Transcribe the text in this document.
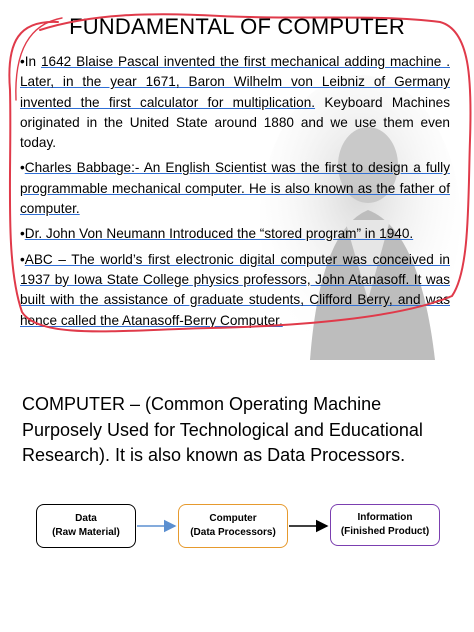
FUNDAMENTAL OF COMPUTER

•In 1642 Blaise Pascal invented the first mechanical adding machine . Later, in the year 1671, Baron Wilhelm von Leibniz of Germany invented the first calculator for multiplication. Keyboard Machines originated in the United State around 1880 and we use them even today.

•Charles Babbage:- An English Scientist was the first to design a fully programmable mechanical computer. He is also known as the father of computer.

•Dr. John Von Neumann Introduced the “stored program” in 1940.

•ABC – The world’s first electronic digital computer was conceived in 1937 by Iowa State College physics professors, John Atanasoff. It was built with the assistance of graduate students, Clifford Berry, and was hence called the Atanasoff-Berry Computer.

COMPUTER – (Common Operating Machine Purposely Used for Technological and Educational Research). It is also known as Data Processors.
Data
(Raw Material)
Computer
(Data Processors)
Information
(Finished Product)
